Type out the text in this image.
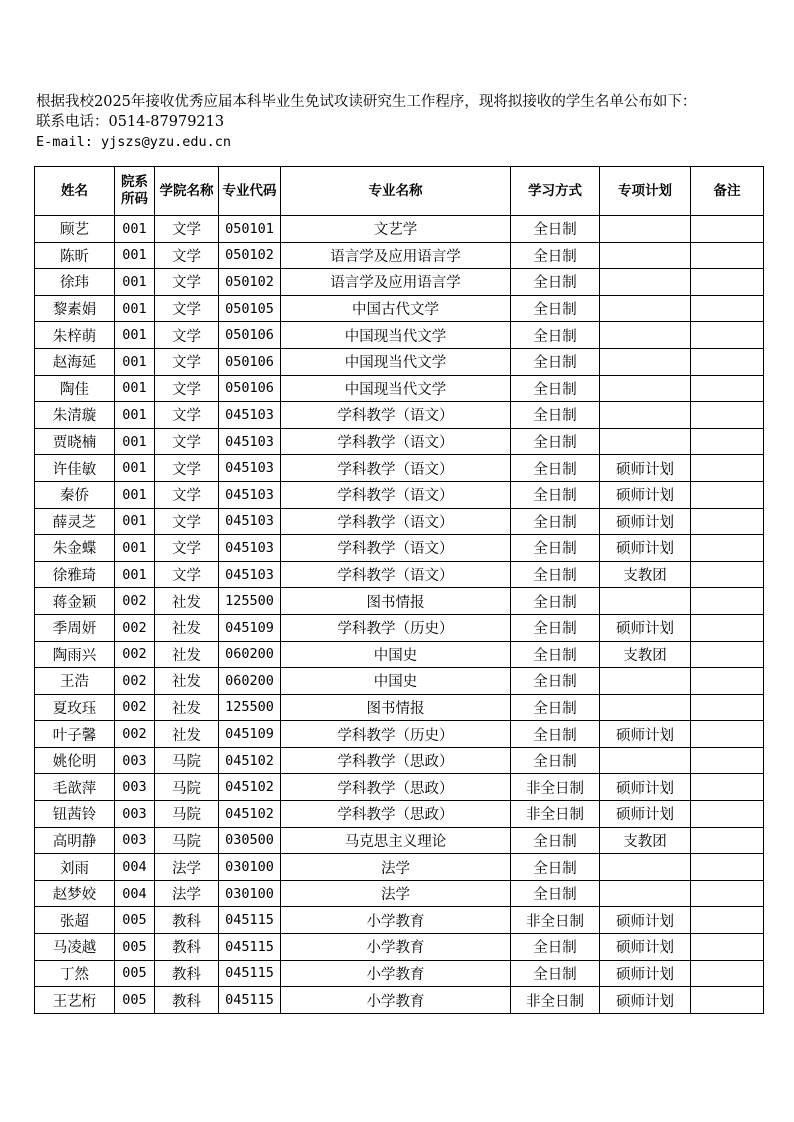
根据我校2025年接收优秀应届本科毕业生免试攻读研究生工作程序，现将拟接收的学生名单公布如下：
联系电话：0514-87979213
E-mail: yjszs@yzu.edu.cn
姓名	院系所码	学院名称	专业代码	专业名称	学习方式	专项计划	备注
顾艺	001	文学	050101	文艺学	全日制		
陈昕	001	文学	050102	语言学及应用语言学	全日制		
徐玮	001	文学	050102	语言学及应用语言学	全日制		
黎素娟	001	文学	050105	中国古代文学	全日制		
朱梓萌	001	文学	050106	中国现当代文学	全日制		
赵海延	001	文学	050106	中国现当代文学	全日制		
陶佳	001	文学	050106	中国现当代文学	全日制		
朱清璇	001	文学	045103	学科教学（语文）	全日制		
贾晓楠	001	文学	045103	学科教学（语文）	全日制		
许佳敏	001	文学	045103	学科教学（语文）	全日制	硕师计划	
秦侨	001	文学	045103	学科教学（语文）	全日制	硕师计划	
薛灵芝	001	文学	045103	学科教学（语文）	全日制	硕师计划	
朱金蝶	001	文学	045103	学科教学（语文）	全日制	硕师计划	
徐雅琦	001	文学	045103	学科教学（语文）	全日制	支教团	
蒋金颖	002	社发	125500	图书情报	全日制		
季周妍	002	社发	045109	学科教学（历史）	全日制	硕师计划	
陶雨兴	002	社发	060200	中国史	全日制	支教团	
王浩	002	社发	060200	中国史	全日制		
夏玫珏	002	社发	125500	图书情报	全日制		
叶子馨	002	社发	045109	学科教学（历史）	全日制	硕师计划	
姚伦明	003	马院	045102	学科教学（思政）	全日制		
毛歆萍	003	马院	045102	学科教学（思政）	非全日制	硕师计划	
钮茜铃	003	马院	045102	学科教学（思政）	非全日制	硕师计划	
高明静	003	马院	030500	马克思主义理论	全日制	支教团	
刘雨	004	法学	030100	法学	全日制		
赵梦姣	004	法学	030100	法学	全日制		
张超	005	教科	045115	小学教育	非全日制	硕师计划	
马凌越	005	教科	045115	小学教育	全日制	硕师计划	
丁然	005	教科	045115	小学教育	全日制	硕师计划	
王艺桁	005	教科	045115	小学教育	非全日制	硕师计划	
